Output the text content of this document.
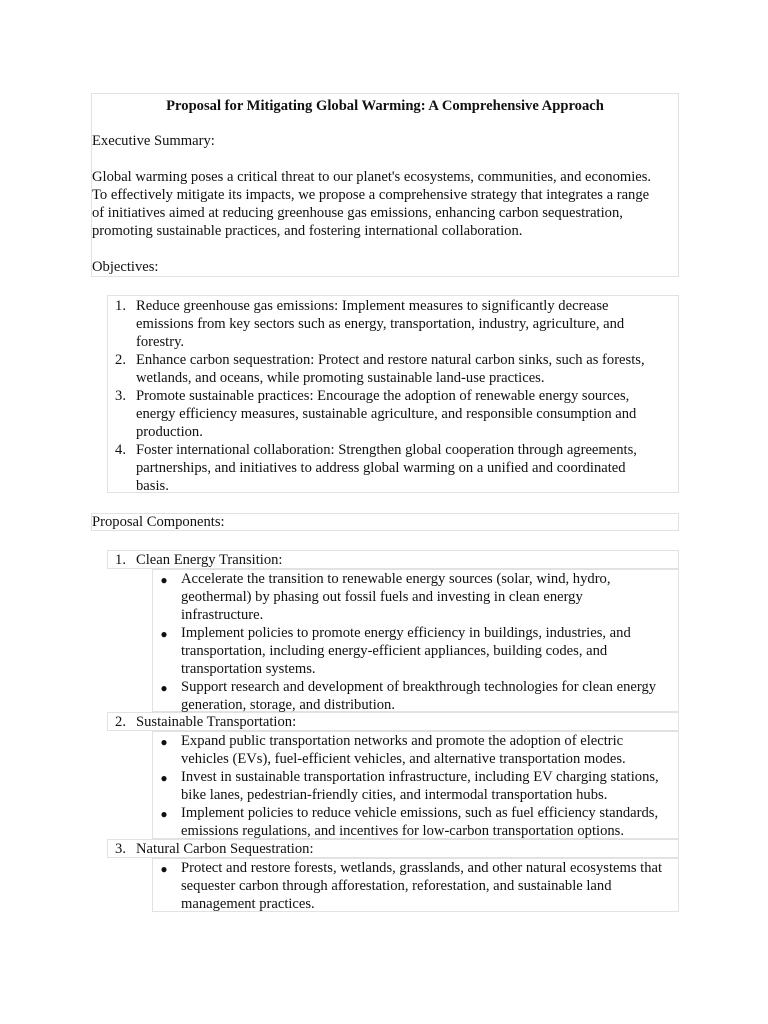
Proposal for Mitigating Global Warming: A Comprehensive Approach

Executive Summary:

Global warming poses a critical threat to our planet's ecosystems, communities, and economies.

To effectively mitigate its impacts, we propose a comprehensive strategy that integrates a range

of initiatives aimed at reducing greenhouse gas emissions, enhancing carbon sequestration,

promoting sustainable practices, and fostering international collaboration.

Objectives:

1. Reduce greenhouse gas emissions: Implement measures to significantly decrease
emissions from key sectors such as energy, transportation, industry, agriculture, and
forestry.
2. Enhance carbon sequestration: Protect and restore natural carbon sinks, such as forests,
wetlands, and oceans, while promoting sustainable land-use practices.
3. Promote sustainable practices: Encourage the adoption of renewable energy sources,
energy efficiency measures, sustainable agriculture, and responsible consumption and
production.
4. Foster international collaboration: Strengthen global cooperation through agreements,
partnerships, and initiatives to address global warming on a unified and coordinated
basis.

Proposal Components:

1. Clean Energy Transition:
● Accelerate the transition to renewable energy sources (solar, wind, hydro,
geothermal) by phasing out fossil fuels and investing in clean energy
infrastructure.
● Implement policies to promote energy efficiency in buildings, industries, and
transportation, including energy-efficient appliances, building codes, and
transportation systems.
● Support research and development of breakthrough technologies for clean energy
generation, storage, and distribution.
2. Sustainable Transportation:
● Expand public transportation networks and promote the adoption of electric
vehicles (EVs), fuel-efficient vehicles, and alternative transportation modes.
● Invest in sustainable transportation infrastructure, including EV charging stations,
bike lanes, pedestrian-friendly cities, and intermodal transportation hubs.
● Implement policies to reduce vehicle emissions, such as fuel efficiency standards,
emissions regulations, and incentives for low-carbon transportation options.
3. Natural Carbon Sequestration:
● Protect and restore forests, wetlands, grasslands, and other natural ecosystems that
sequester carbon through afforestation, reforestation, and sustainable land
management practices.
